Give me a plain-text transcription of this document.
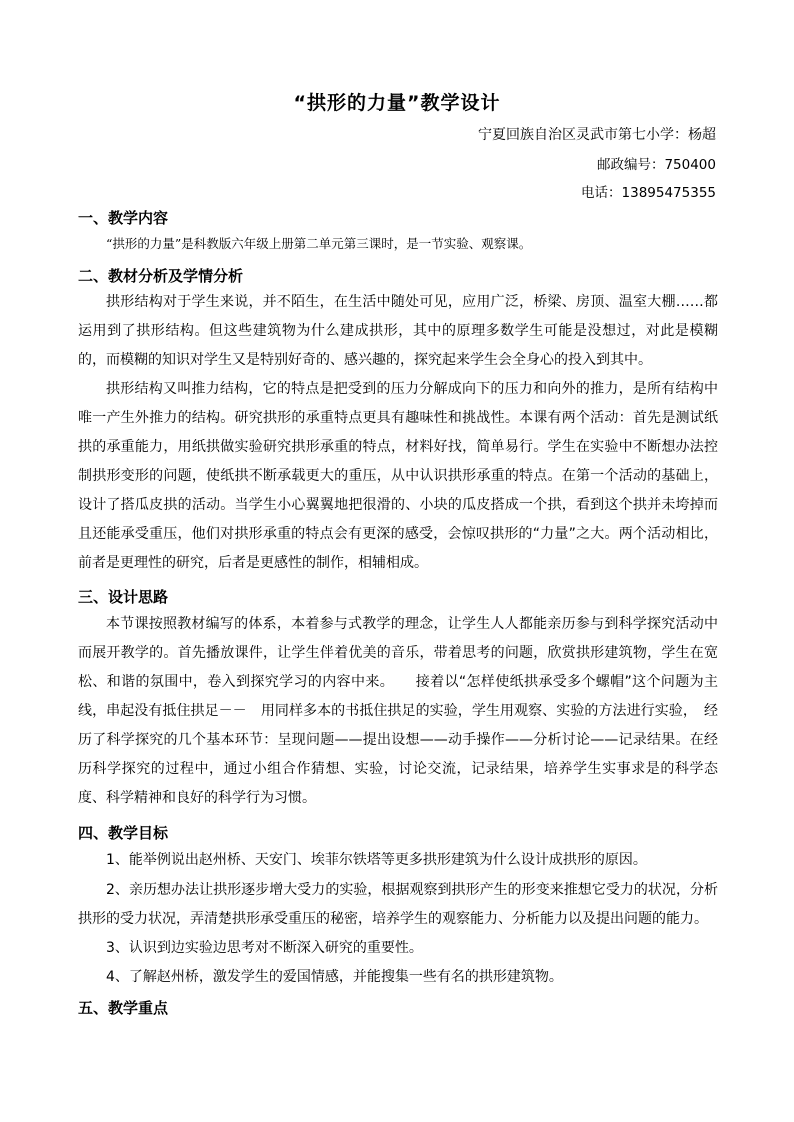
“拱形的力量”教学设计
宁夏回族自治区灵武市第七小学：杨超
邮政编号：750400
电话：13895475355
一、教学内容
“拱形的力量”是科教版六年级上册第二单元第三课时，是一节实验、观察课。
二、教材分析及学情分析
拱形结构对于学生来说，并不陌生，在生活中随处可见，应用广泛，桥梁、房顶、温室大棚……都运用到了拱形结构。但这些建筑物为什么建成拱形，其中的原理多数学生可能是没想过，对此是模糊的，而模糊的知识对学生又是特别好奇的、感兴趣的，探究起来学生会全身心的投入到其中。
拱形结构又叫推力结构，它的特点是把受到的压力分解成向下的压力和向外的推力，是所有结构中唯一产生外推力的结构。研究拱形的承重特点更具有趣味性和挑战性。本课有两个活动：首先是测试纸拱的承重能力，用纸拱做实验研究拱形承重的特点，材料好找，简单易行。学生在实验中不断想办法控制拱形变形的问题，使纸拱不断承载更大的重压，从中认识拱形承重的特点。在第一个活动的基础上，设计了搭瓜皮拱的活动。当学生小心翼翼地把很滑的、小块的瓜皮搭成一个拱，看到这个拱并未垮掉而且还能承受重压，他们对拱形承重的特点会有更深的感受，会惊叹拱形的“力量”之大。两个活动相比，前者是更理性的研究，后者是更感性的制作，相辅相成。
三、设计思路
本节课按照教材编写的体系，本着参与式教学的理念，让学生人人都能亲历参与到科学探究活动中而展开教学的。首先播放课件，让学生伴着优美的音乐，带着思考的问题，欣赏拱形建筑物，学生在宽松、和谐的氛围中，卷入到探究学习的内容中来。　　接着以“怎样使纸拱承受多个螺帽”这个问题为主线，串起没有抵住拱足－－　用同样多本的书抵住拱足的实验，学生用观察、实验的方法进行实验，　经历了科学探究的几个基本环节：呈现问题——提出设想——动手操作——分析讨论——记录结果。在经历科学探究的过程中，通过小组合作猜想、实验，讨论交流，记录结果，培养学生实事求是的科学态度、科学精神和良好的科学行为习惯。
四、教学目标
1、能举例说出赵州桥、天安门、埃菲尔铁塔等更多拱形建筑为什么设计成拱形的原因。
2、亲历想办法让拱形逐步增大受力的实验，根据观察到拱形产生的形变来推想它受力的状况，分析拱形的受力状况，弄清楚拱形承受重压的秘密，培养学生的观察能力、分析能力以及提出问题的能力。
3、认识到边实验边思考对不断深入研究的重要性。
4、了解赵州桥，激发学生的爱国情感，并能搜集一些有名的拱形建筑物。
五、教学重点
